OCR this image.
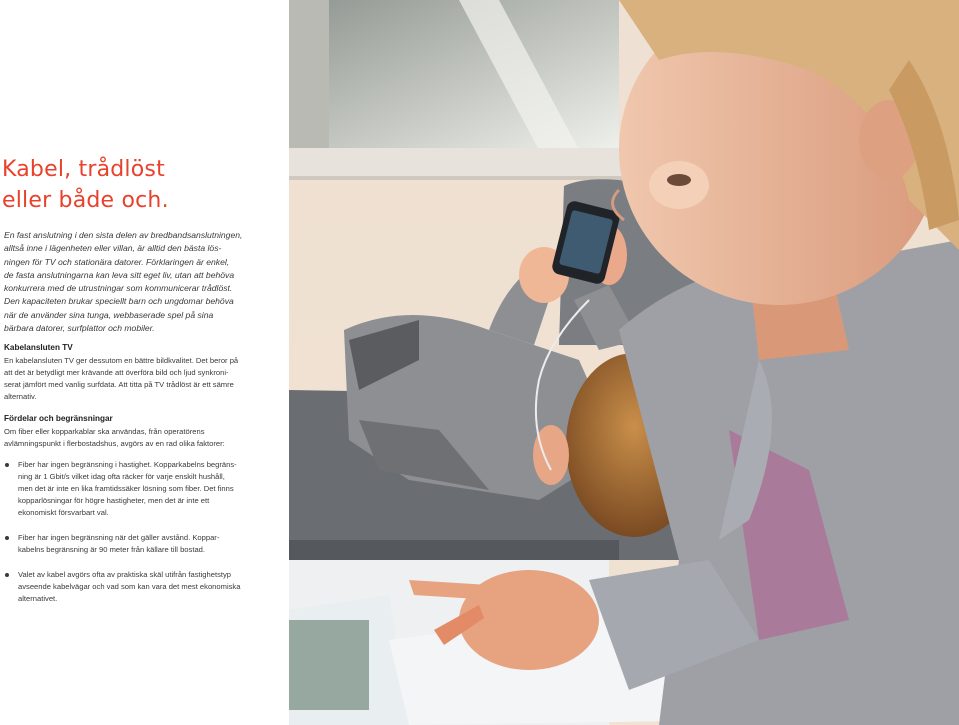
Kabel, trådlöst
eller både och.
En fast anslutning i den sista delen av bredbandsanslutningen,
alltså inne i lägenheten eller villan, är alltid den bästa lös-
ningen för TV och stationära datorer. Förklaringen är enkel,
de fasta anslutningarna kan leva sitt eget liv, utan att behöva
konkurrera med de utrustningar som kommunicerar trådlöst.
Den kapaciteten brukar speciellt barn och ungdomar behöva
när de använder sina tunga, webbaserade spel på sina
bärbara datorer, surfplattor och mobiler.
Kabelansluten TV

En kabelansluten TV ger dessutom en bättre bildkvalitet. Det beror på
att det är betydligt mer krävande att överföra bild och ljud synkroni-
serat jämfört med vanlig surfdata. Att titta på TV trådlöst är ett sämre
alternativ.

Fördelar och begränsningar

Om fiber eller kopparkablar ska användas, från operatörens
avlämningspunkt i flerbostadshus, avgörs av en rad olika faktorer:

Fiber har ingen begränsning i hastighet. Kopparkabelns begräns-
ning är 1 Gbit/s vilket idag ofta räcker för varje enskilt hushåll,
men det är inte en lika framtidssäker lösning som fiber. Det finns
kopparlösningar för högre hastigheter, men det är inte ett
ekonomiskt försvarbart val.
Fiber har ingen begränsning när det gäller avstånd. Koppar-
kabelns begränsning är 90 meter från källare till bostad.
Valet av kabel avgörs ofta av praktiska skäl utifrån fastighetstyp
avseende kabelvägar och vad som kan vara det mest ekonomiska
alternativet.
